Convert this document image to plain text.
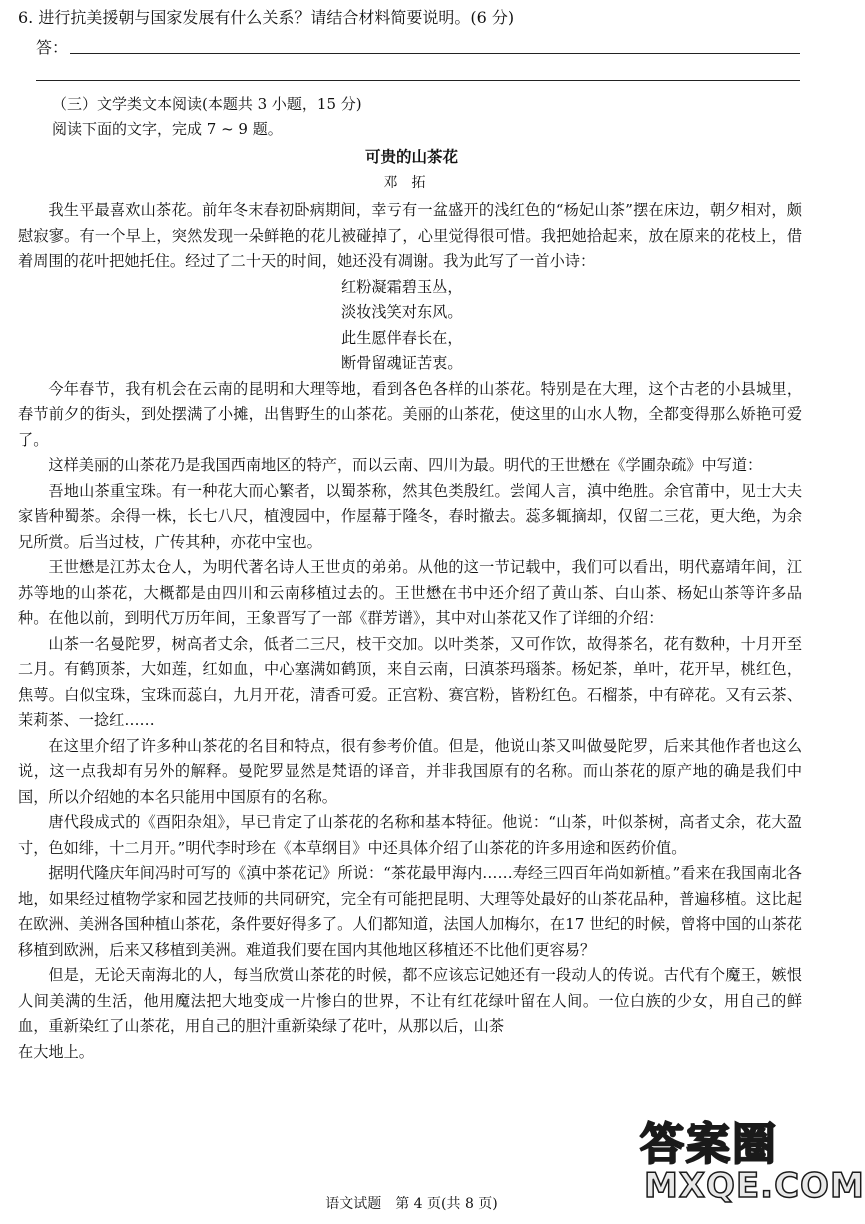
6. 进行抗美援朝与国家发展有什么关系？请结合材料简要说明。(6 分)
答：
（三）文学类文本阅读(本题共 3 小题，15 分)
阅读下面的文字，完成 7 ~ 9 题。
可贵的山茶花
邓拓

我生平最喜欢山茶花。前年冬末春初卧病期间，幸亏有一盆盛开的浅红色的“杨妃山茶”摆在床边，朝夕相对，颇慰寂寥。有一个早上，突然发现一朵鲜艳的花儿被碰掉了，心里觉得很可惜。我把她拾起来，放在原来的花枝上，借着周围的花叶把她托住。经过了二十天的时间，她还没有凋谢。我为此写了一首小诗：

红粉凝霜碧玉丛，
淡妆浅笑对东风。
此生愿伴春长在，
断骨留魂证苦衷。

今年春节，我有机会在云南的昆明和大理等地，看到各色各样的山茶花。特别是在大理，这个古老的小县城里，春节前夕的街头，到处摆满了小摊，出售野生的山茶花。美丽的山茶花，使这里的山水人物，全都变得那么娇艳可爱了。

这样美丽的山茶花乃是我国西南地区的特产，而以云南、四川为最。明代的王世懋在《学圃杂疏》中写道：

吾地山茶重宝珠。有一种花大而心繁者，以蜀茶称，然其色类殷红。尝闻人言，滇中绝胜。余官莆中，见士大夫家皆种蜀茶。余得一株，长七八尺，植溲园中，作屋幕于隆冬，春时撤去。蕊多辄摘却，仅留二三花，更大绝，为余兄所赏。后当过枝，广传其种，亦花中宝也。

王世懋是江苏太仓人，为明代著名诗人王世贞的弟弟。从他的这一节记载中，我们可以看出，明代嘉靖年间，江苏等地的山茶花，大概都是由四川和云南移植过去的。王世懋在书中还介绍了黄山茶、白山茶、杨妃山茶等许多品种。在他以前，到明代万历年间，王象晋写了一部《群芳谱》，其中对山茶花又作了详细的介绍：

山茶一名曼陀罗，树高者丈余，低者二三尺，枝干交加。以叶类茶，又可作饮，故得茶名，花有数种，十月开至二月。有鹤顶茶，大如莲，红如血，中心塞满如鹤顶，来自云南，曰滇茶玛瑙茶。杨妃茶，单叶，花开早，桃红色，焦萼。白似宝珠，宝珠而蕊白，九月开花，清香可爱。正宫粉、赛宫粉，皆粉红色。石榴茶，中有碎花。又有云茶、茉莉茶、一捻红……

在这里介绍了许多种山茶花的名目和特点，很有参考价值。但是，他说山茶又叫做曼陀罗，后来其他作者也这么说，这一点我却有另外的解释。曼陀罗显然是梵语的译音，并非我国原有的名称。而山茶花的原产地的确是我们中国，所以介绍她的本名只能用中国原有的名称。

唐代段成式的《酉阳杂俎》，早已肯定了山茶花的名称和基本特征。他说：“山茶，叶似茶树，高者丈余，花大盈寸，色如绯，十二月开。”明代李时珍在《本草纲目》中还具体介绍了山茶花的许多用途和医药价值。

据明代隆庆年间冯时可写的《滇中茶花记》所说：“茶花最甲海内……寿经三四百年尚如新植。”看来在我国南北各地，如果经过植物学家和园艺技师的共同研究，完全有可能把昆明、大理等处最好的山茶花品种，普遍移植。这比起在欧洲、美洲各国种植山茶花，条件要好得多了。人们都知道，法国人加梅尔，在17 世纪的时候，曾将中国的山茶花移植到欧洲，后来又移植到美洲。难道我们要在国内其他地区移植还不比他们更容易？

但是，无论天南海北的人，每当欣赏山茶花的时候，都不应该忘记她还有一段动人的传说。古代有个魔王，嫉恨人间美满的生活，他用魔法把大地变成一片惨白的世界，不让有红花绿叶留在人间。一位白族的少女，用自己的鲜血，重新染红了山茶花，用自己的胆汁重新染绿了花叶，从那以后，山茶

在大地上。

语文试题　第 4 页(共 8 页)
答案圈
MXQE.COM
